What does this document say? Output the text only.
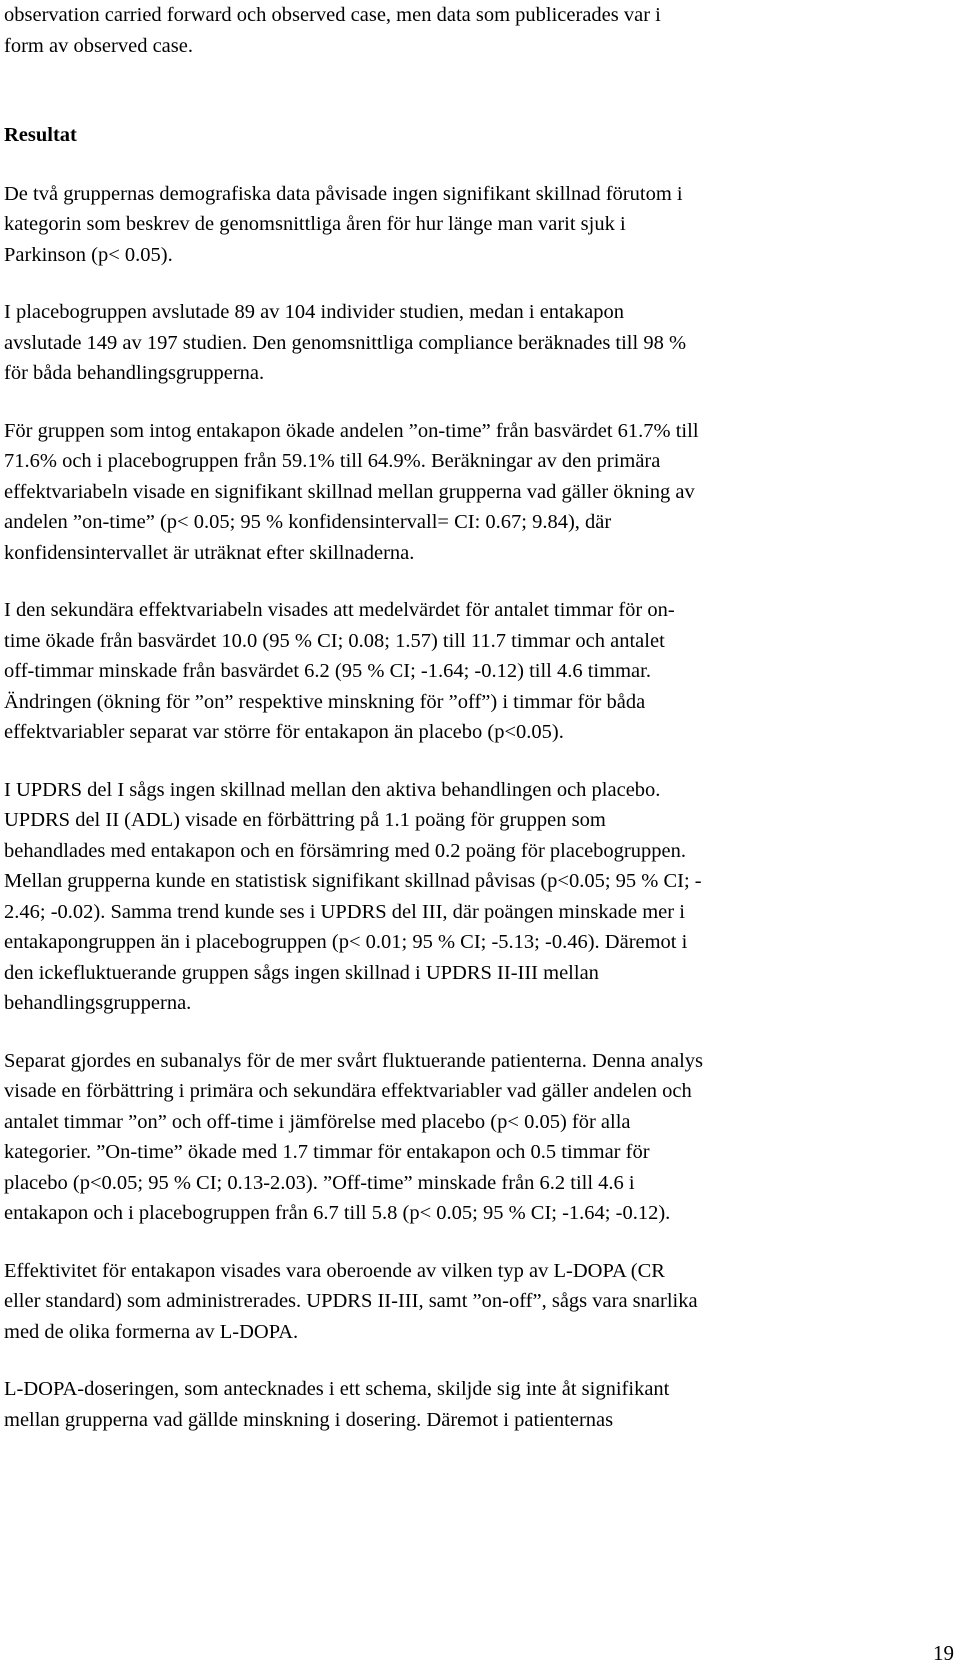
observation carried forward och observed case, men data som publicerades var i
form av observed case.

Resultat

De två gruppernas demografiska data påvisade ingen signifikant skillnad förutom i
kategorin som beskrev de genomsnittliga åren för hur länge man varit sjuk i
Parkinson (p< 0.05).

I placebogruppen avslutade 89 av 104 individer studien, medan i entakapon
avslutade 149 av 197 studien. Den genomsnittliga compliance beräknades till 98 %
för båda behandlingsgrupperna.

För gruppen som intog entakapon ökade andelen ”on-time” från basvärdet 61.7% till
71.6% och i placebogruppen från 59.1% till 64.9%. Beräkningar av den primära
effektvariabeln visade en signifikant skillnad mellan grupperna vad gäller ökning av
andelen ”on-time” (p< 0.05; 95 % konfidensintervall= CI: 0.67; 9.84), där
konfidensintervallet är uträknat efter skillnaderna.

I den sekundära effektvariabeln visades att medelvärdet för antalet timmar för on-
time ökade från basvärdet 10.0 (95 % CI; 0.08; 1.57) till 11.7 timmar och antalet
off-timmar minskade från basvärdet 6.2 (95 % CI; -1.64; -0.12) till 4.6 timmar.
Ändringen (ökning för ”on” respektive minskning för ”off”) i timmar för båda
effektvariabler separat var större för entakapon än placebo (p<0.05).

I UPDRS del I sågs ingen skillnad mellan den aktiva behandlingen och placebo.
UPDRS del II (ADL) visade en förbättring på 1.1 poäng för gruppen som
behandlades med entakapon och en försämring med 0.2 poäng för placebogruppen.
Mellan grupperna kunde en statistisk signifikant skillnad påvisas (p<0.05; 95 % CI; -
2.46; -0.02). Samma trend kunde ses i UPDRS del III, där poängen minskade mer i
entakapongruppen än i placebogruppen (p< 0.01; 95 % CI; -5.13; -0.46). Däremot i
den ickefluktuerande gruppen sågs ingen skillnad i UPDRS II-III mellan
behandlingsgrupperna.

Separat gjordes en subanalys för de mer svårt fluktuerande patienterna. Denna analys
visade en förbättring i primära och sekundära effektvariabler vad gäller andelen och
antalet timmar ”on” och off-time i jämförelse med placebo (p< 0.05) för alla
kategorier. ”On-time” ökade med 1.7 timmar för entakapon och 0.5 timmar för
placebo (p<0.05; 95 % CI; 0.13-2.03). ”Off-time” minskade från 6.2 till 4.6 i
entakapon och i placebogruppen från 6.7 till 5.8 (p< 0.05; 95 % CI; -1.64; -0.12).

Effektivitet för entakapon visades vara oberoende av vilken typ av L-DOPA (CR
eller standard) som administrerades. UPDRS II-III, samt ”on-off”, sågs vara snarlika
med de olika formerna av L-DOPA.

L-DOPA-doseringen, som antecknades i ett schema, skiljde sig inte åt signifikant
mellan grupperna vad gällde minskning i dosering. Däremot i patienternas

19
